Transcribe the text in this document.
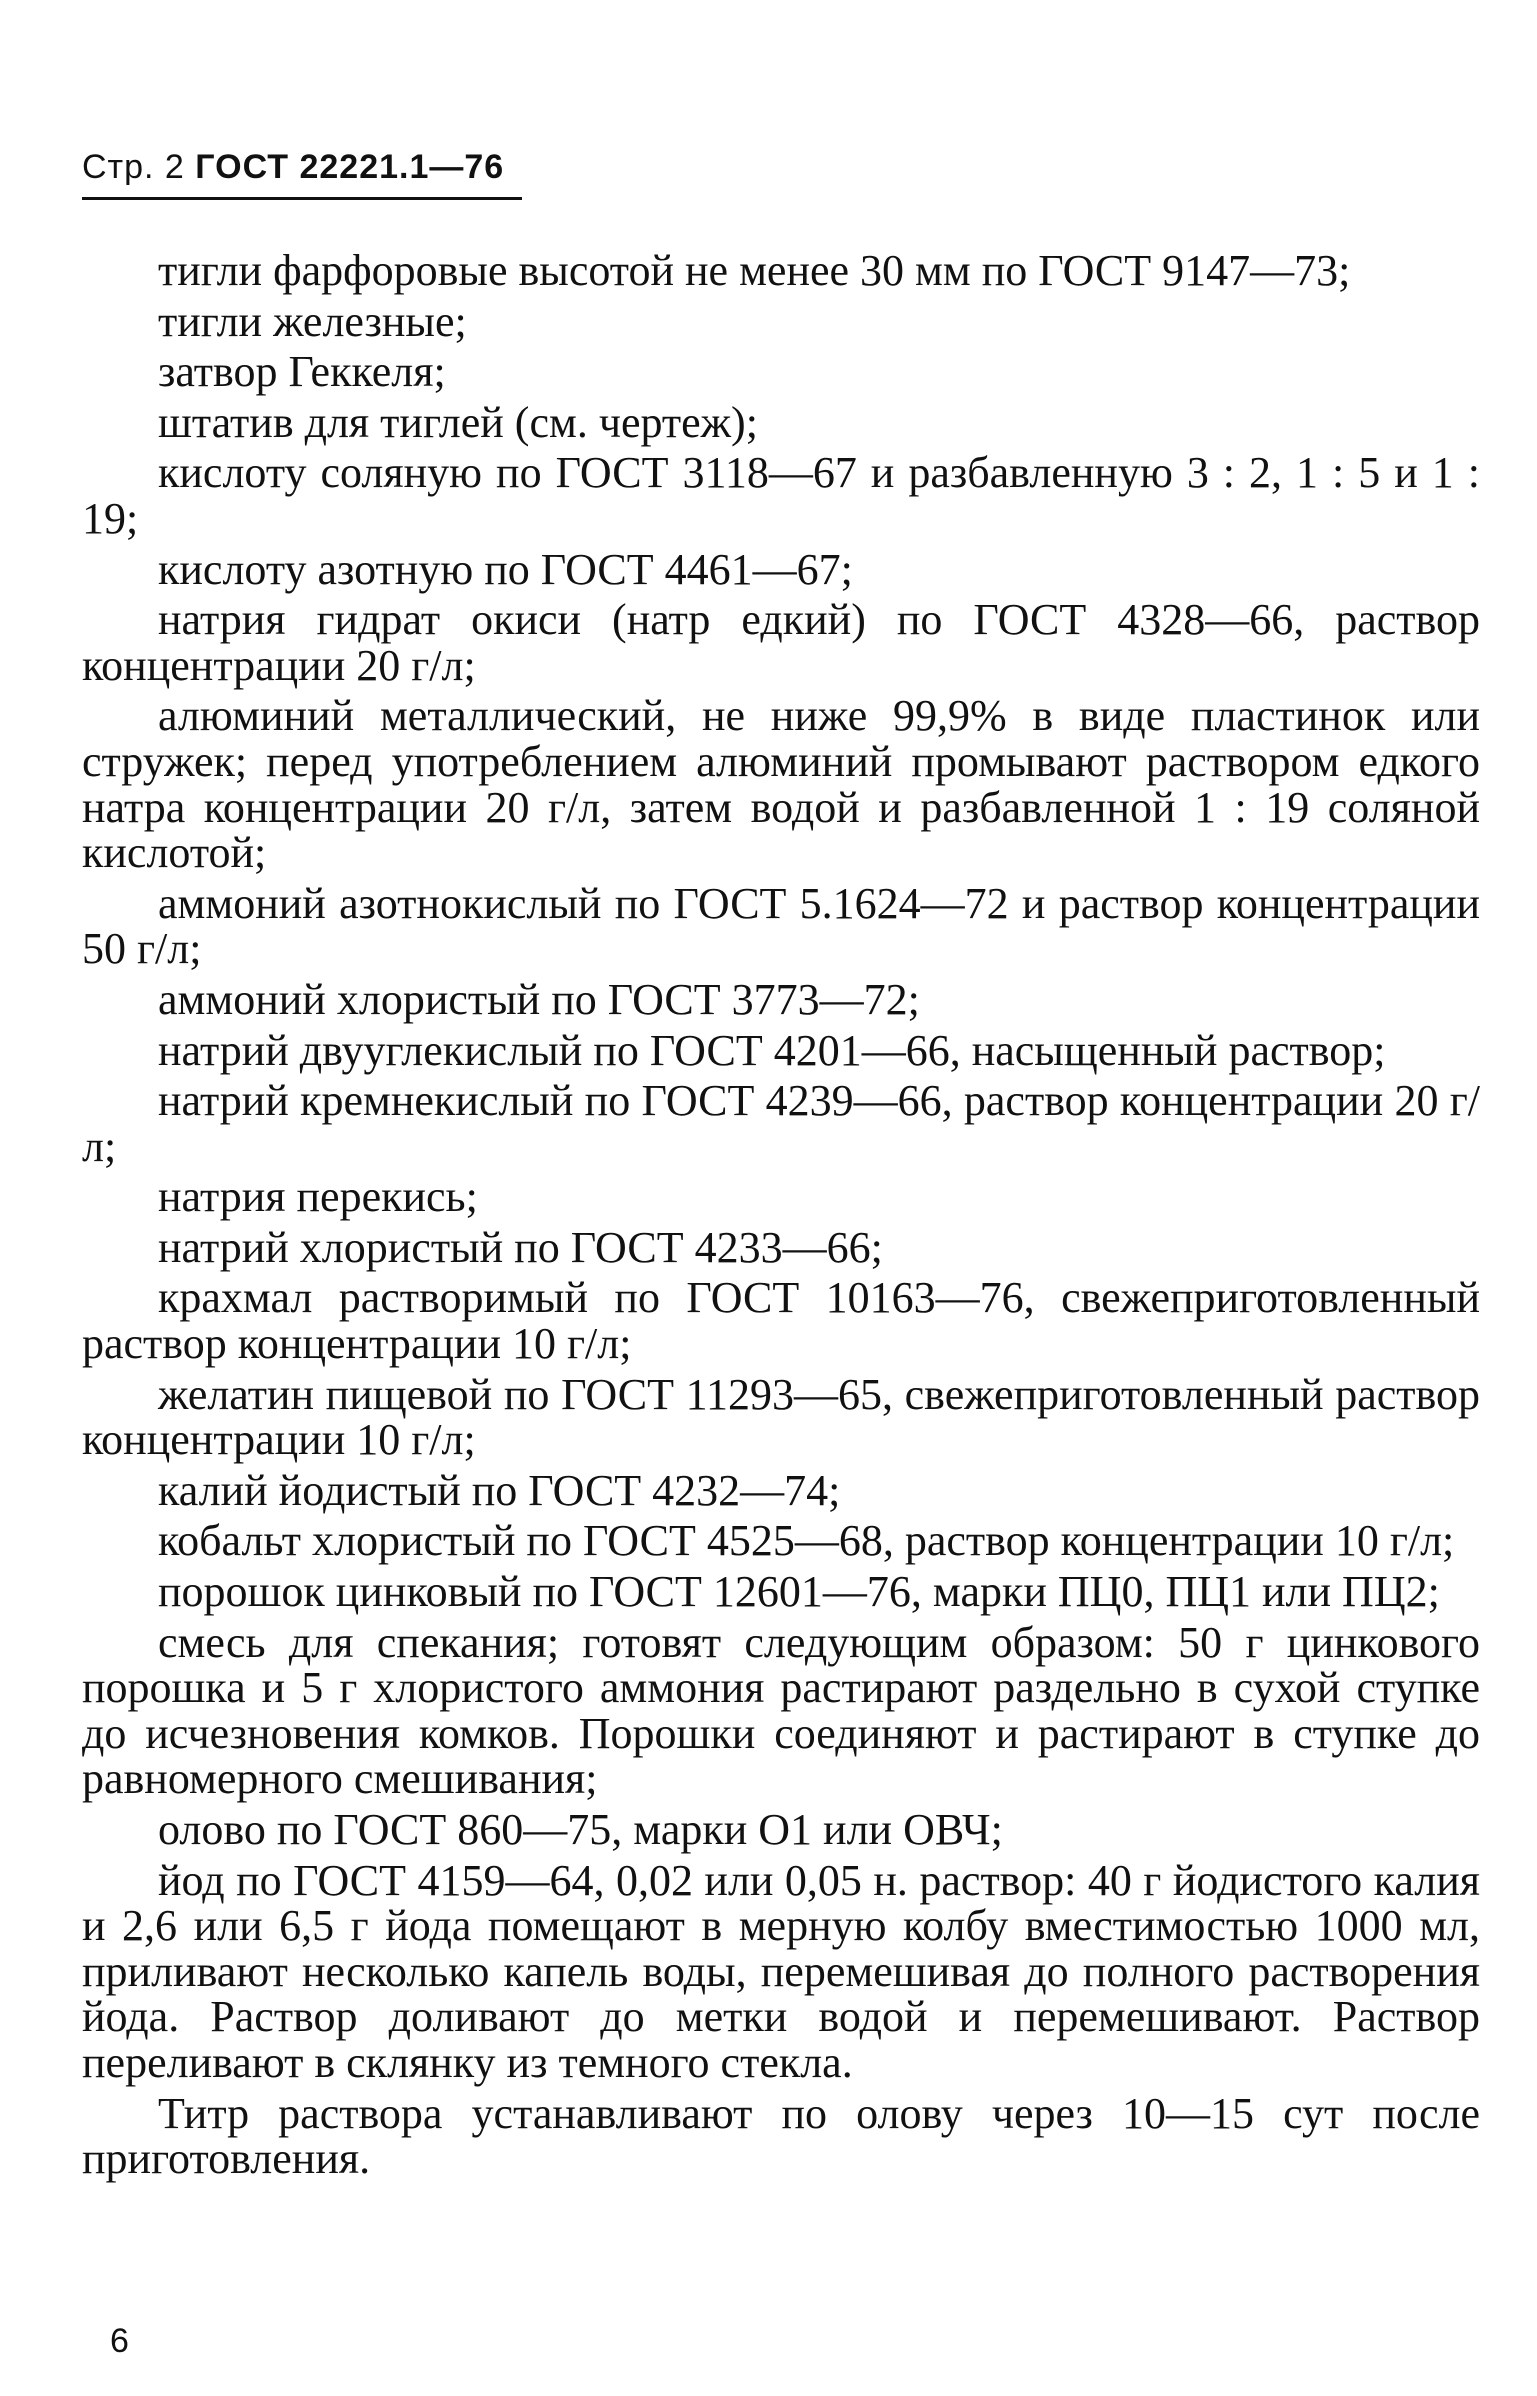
Стр. 2 ГОСТ 22221.1—76

тигли фарфоровые высотой не менее 30 мм по ГОСТ 9147—73;

тигли железные;

затвор Геккеля;

штатив для тиглей (см. чертеж);

кислоту соляную по ГОСТ 3118—67 и разбавленную 3 : 2, 1 : 5 и 1 : 19;

кислоту азотную по ГОСТ 4461—67;

натрия гидрат окиси (натр едкий) по ГОСТ 4328—66, раствор концентрации 20 г/л;

алюминий металлический, не ниже 99,9% в виде пластинок или стружек; перед употреблением алюминий промывают раствором едкого натра концентрации 20 г/л, затем водой и разбавленной 1 : 19 соляной кислотой;

аммоний азотнокислый по ГОСТ 5.1624—72 и раствор концентрации 50 г/л;

аммоний хлористый по ГОСТ 3773—72;

натрий двууглекислый по ГОСТ 4201—66, насыщенный раствор;

натрий кремнекислый по ГОСТ 4239—66, раствор концентрации 20 г/л;

натрия перекись;

натрий хлористый по ГОСТ 4233—66;

крахмал растворимый по ГОСТ 10163—76, свежеприготовленный раствор концентрации 10 г/л;

желатин пищевой по ГОСТ 11293—65, свежеприготовленный раствор концентрации 10 г/л;

калий йодистый по ГОСТ 4232—74;

кобальт хлористый по ГОСТ 4525—68, раствор концентрации 10 г/л;

порошок цинковый по ГОСТ 12601—76, марки ПЦ0, ПЦ1 или ПЦ2;

смесь для спекания; готовят следующим образом: 50 г цинкового порошка и 5 г хлористого аммония растирают раздельно в сухой ступке до исчезновения комков. Порошки соединяют и растирают в ступке до равномерного смешивания;

олово по ГОСТ 860—75, марки О1 или ОВЧ;

йод по ГОСТ 4159—64, 0,02 или 0,05 н. раствор: 40 г йодистого калия и 2,6 или 6,5 г йода помещают в мерную колбу вместимостью 1000 мл, приливают несколько капель воды, перемешивая до полного растворения йода. Раствор доливают до метки водой и перемешивают. Раствор переливают в склянку из темного стекла.

Титр раствора устанавливают по олову через 10—15 сут после приготовления.

6
